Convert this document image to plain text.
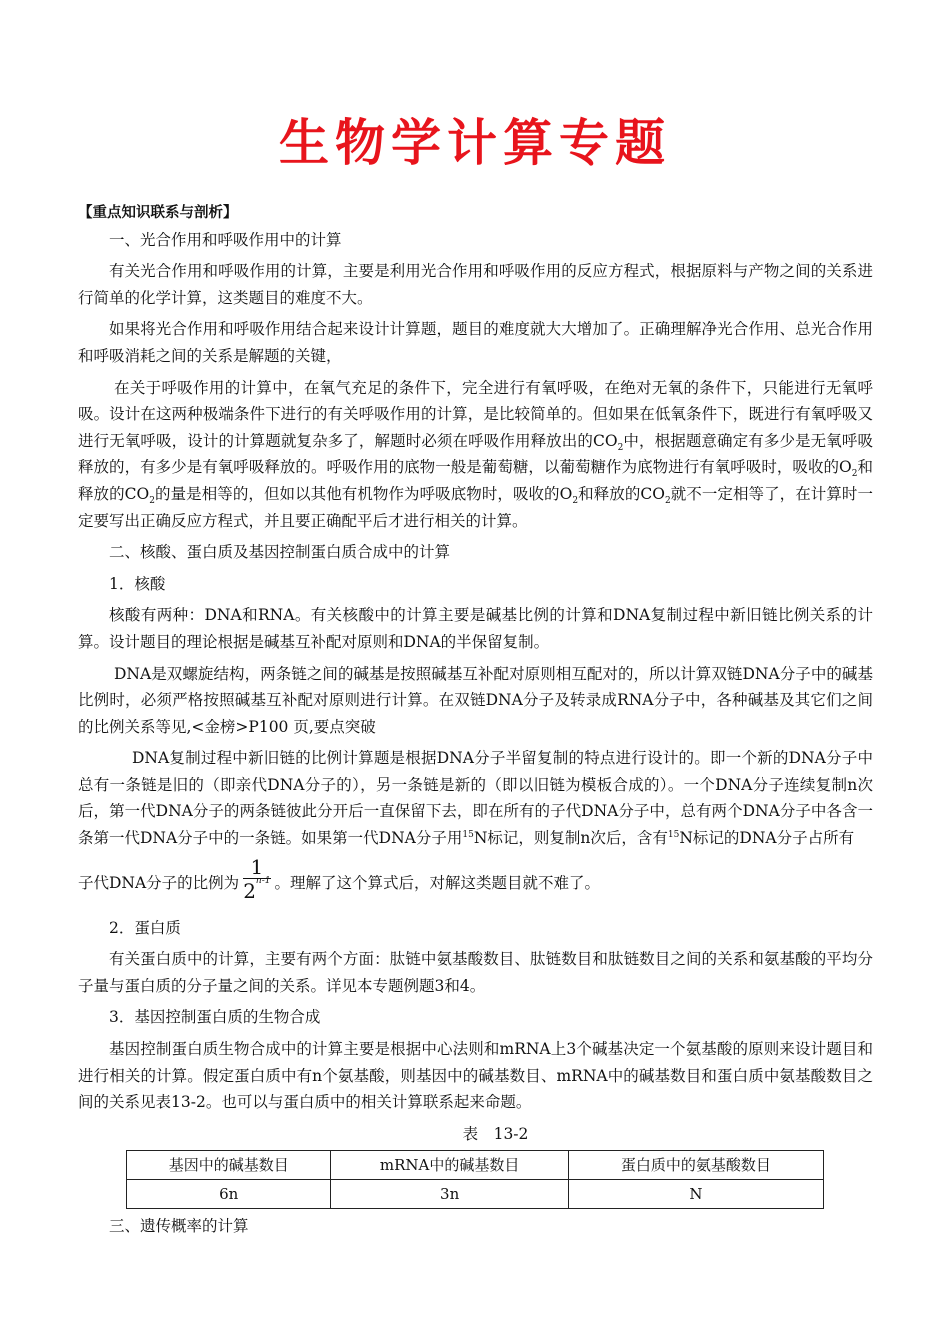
生物学计算专题

【重点知识联系与剖析】

一、光合作用和呼吸作用中的计算

有关光合作用和呼吸作用的计算，主要是利用光合作用和呼吸作用的反应方程式，根据原料与产物之间的关系进行简单的化学计算，这类题目的难度不大。

如果将光合作用和呼吸作用结合起来设计计算题，题目的难度就大大增加了。正确理解净光合作用、总光合作用和呼吸消耗之间的关系是解题的关键，

在关于呼吸作用的计算中，在氧气充足的条件下，完全进行有氧呼吸，在绝对无氧的条件下，只能进行无氧呼吸。设计在这两种极端条件下进行的有关呼吸作用的计算，是比较简单的。但如果在低氧条件下，既进行有氧呼吸又进行无氧呼吸，设计的计算题就复杂多了，解题时必须在呼吸作用释放出的$CO_2$中，根据题意确定有多少是无氧呼吸释放的，有多少是有氧呼吸释放的。呼吸作用的底物一般是葡萄糖，以葡萄糖作为底物进行有氧呼吸时，吸收的$O_2$和释放的$CO_2$的量是相等的，但如以其他有机物作为呼吸底物时，吸收的$O_2$和释放的$CO_2$就不一定相等了，在计算时一定要写出正确反应方程式，并且要正确配平后才进行相关的计算。

二、核酸、蛋白质及基因控制蛋白质合成中的计算

1．核酸

核酸有两种：DNA和RNA。有关核酸中的计算主要是碱基比例的计算和DNA复制过程中新旧链比例关系的计算。设计题目的理论根据是碱基互补配对原则和DNA的半保留复制。

DNA是双螺旋结构，两条链之间的碱基是按照碱基互补配对原则相互配对的，所以计算双链DNA分子中的碱基比例时，必须严格按照碱基互补配对原则进行计算。在双链DNA分子及转录成RNA分子中，各种碱基及其它们之间的比例关系等见,<金榜>P100 页,要点突破

DNA复制过程中新旧链的比例计算题是根据DNA分子半留复制的特点进行设计的。即一个新的DNA分子中总有一条链是旧的（即亲代DNA分子的），另一条链是新的（即以旧链为模板合成的）。一个DNA分子连续复制n次后，第一代DNA分子的两条链彼此分开后一直保留下去，即在所有的子代DNA分子中，总有两个DNA分子中各含一条第一代DNA分子中的一条链。如果第一代DNA分子用$^{15}$N标记，则复制n次后，含有$^{15}$N标记的DNA分子占所有

子代DNA分子的比例为 $\frac{1}{2^{n-1}}$ 。理解了这个算式后，对解这类题目就不难了。

2．蛋白质

有关蛋白质中的计算，主要有两个方面：肽链中氨基酸数目、肽链数目和肽链数目之间的关系和氨基酸的平均分子量与蛋白质的分子量之间的关系。详见本专题例题3和4。

3．基因控制蛋白质的生物合成

基因控制蛋白质生物合成中的计算主要是根据中心法则和mRNA上3个碱基决定一个氨基酸的原则来设计题目和进行相关的计算。假定蛋白质中有n个氨基酸，则基因中的碱基数目、mRNA中的碱基数目和蛋白质中氨基酸数目之间的关系见表13-2。也可以与蛋白质中的相关计算联系起来命题。

表　13-2

基因中的碱基数目	mRNA中的碱基数目	蛋白质中的氨基酸数目
6n	3n	N

三、遗传概率的计算
